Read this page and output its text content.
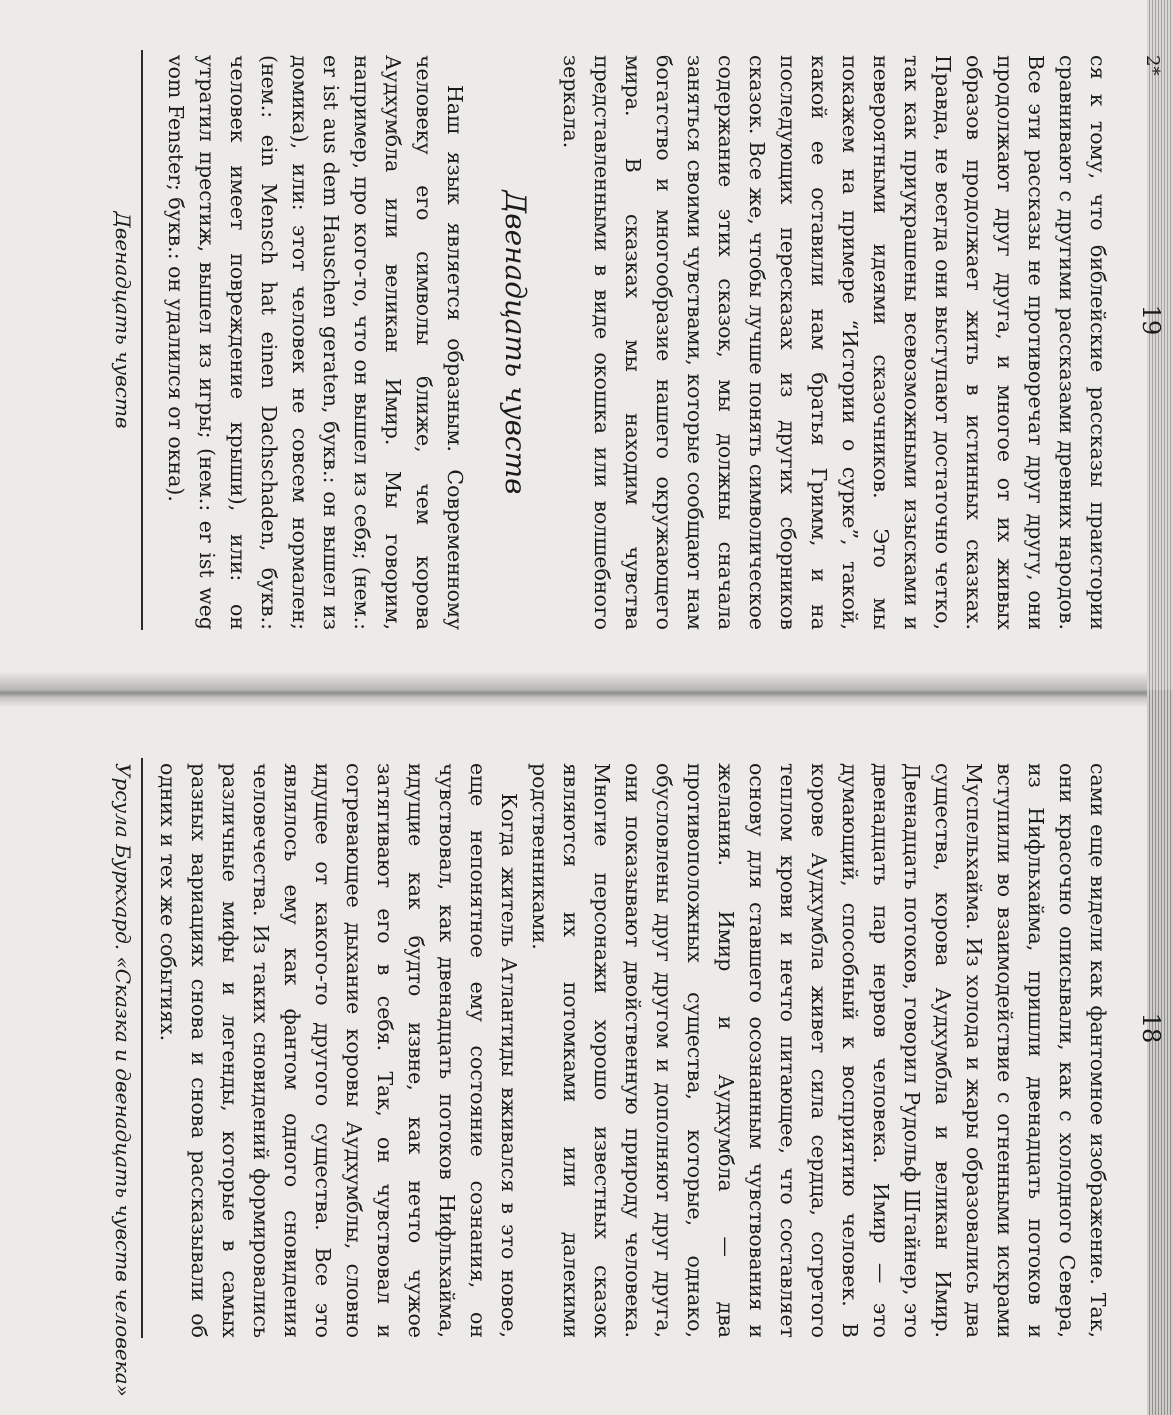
Урсула Буркхард. «Сказка и двенадцать чувств человека»	сами еще видели как фантомное изображение. Так, они красочно описывали, как с холодного Севера, из Нифльхайма, пришли двенадцать потоков и вступили во взаимодействие с огненными искрами Муспельхайма. Из холода и жары образовались два существа, корова Аудхумбла и великан Имир. Двенадцать потоков, говорил Рудольф Штайнер, это двенадцать пар нервов человека. Имир — это думающий, способный к восприятию человек. В корове Аудхумбла живет сила сердца, согретого теплом крови и нечто питающее, что составляет основу для ставшего осознанным чувствования и желания. Имир и Аудхумбла — два противоположных существа, которые, однако, обусловлены друг другом и дополняют друг друга, они показывают двойственную природу человека. Многие персонажи хорошо известных сказок являются их потомками или далекими родственниками.

Когда житель Атлантиды вживался в это новое, еще непонятное ему состояние сознания, он чувствовал, как двенадцать потоков Нифльхайма, идущие как будто извне, как нечто чужое затягивают его в себя. Так, он чувствовал и согревающее дыхание коровы Аудхумблы, словно идущее от какого-то другого существа. Все это являлось ему как фантом одного сновидения человечества. Из таких сновидений формировались различные мифы и легенды, которые в самых разных вариациях снова и снова рассказывали об одних и тех же событиях.	18
Двенадцать чувств	ся к тому, что библейские рассказы праистории сравнивают с другими рассказами древних народов. Все эти рассказы не противоречат друг другу, они продолжают друг друга, и многое от их живых образов продолжает жить в истинных сказках. Правда, не всегда они выступают достаточно четко, так как приукрашены всевозможными изысками и невероятными идеями сказочников. Это мы покажем на примере “Истории о сурке”, такой, какой ее оставили нам братья Гримм, и на последующих пересказах из других сборников сказок. Все же, чтобы лучше понять символическое содержание этих сказок, мы должны сначала заняться своими чувствами, которые сообщают нам богатство и многообразие нашего окружающего мира. В сказках мы находим чувства представленными в виде окошка или волшебного зеркала.

Двенадцать чувств

Наш язык является образным. Современному человеку его символы ближе, чем корова Аудхумбла или великан Имир. Мы говорим, например, про кого-то, что он вышел из себя; (нем.: er ist aus dem Hauschen geraten, букв.: он вышел из домика), или: этот человек не совсем нормален; (нем.: ein Mensch hat einen Dachschaden, букв.: человек имеет повреждение крыши), или: он утратил престиж, вышел из игры; (нем.: er ist weg vom Fenster; букв.: он удалился от окна).	19
2*
